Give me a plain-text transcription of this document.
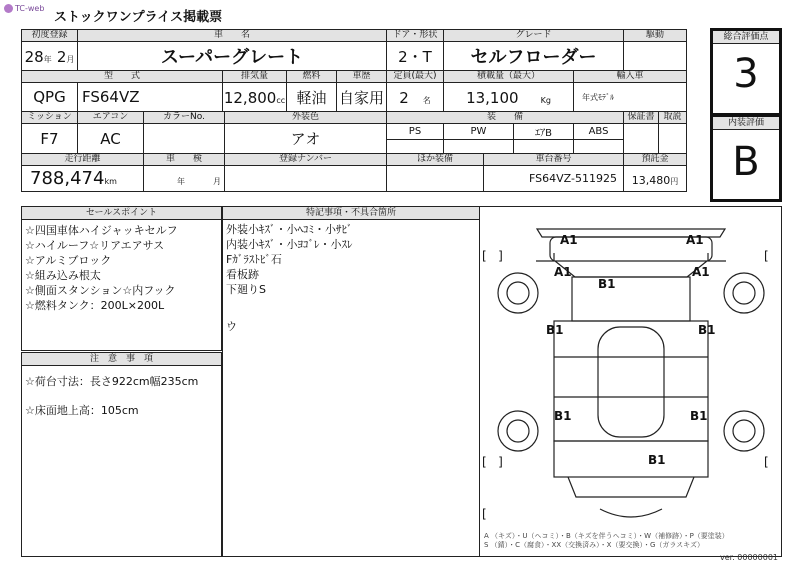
TC-web
ストックワンプライス掲載票
初度登録	車　　名						ドア・形状	グレード				駆動	
28年 2月	スーパーグレート						2・T	セルフローダー					
型　　式			排気量		燃料	車歴	定員(最大)	積載量（最大）			輸入車		
QPG	FS64VZ		12,800cc		軽油	自家用	2 名	13,100 Kg			年式ﾓﾃﾞﾙ		
ミッション	エアコン	カラーNo.		外装色			装　　備					保証書	取説
F7	AC			アオ			PS	PW		ｴｱB	ABS		

走行距離		車　　検		登録ナンバー			ほか装備		車台番号			預託金	
788,474km		年 月							FS64VZ-511925			13,480円	
総合評価点
3
内装評価
B
セールスポイント
☆四国車体ハイジャッキセルフ
☆ハイルーフ☆リアエアサス
☆アルミブロック
☆組み込み根太
☆側面スタンション☆内フック
☆燃料タンク：200L×200L
注　意　事　項
☆荷台寸法：長さ922cm幅235cm
☆床面地上高：105cm
特記事項・不具合箇所
外装小ｷｽﾞ・小ﾍｺﾐ・小ｻﾋﾞ
内装小ｷｽﾞ・小ﾖｺﾞﾚ・小ｽﾚ
Fｶﾞﾗｽﾄﾋﾞ石
看板跡
下廻りS
ウ
[   ]	[
[   ]	[
[
A1	A1
A1
B1
A1
B1	B1
B1	B1
B1
A （キズ）・U（ヘコミ）・B（キズを伴うヘコミ）・W（補修跡）・P（要塗装）
S （錆）・C（腐食）・XX（交換済み）・X（要交換）・G（ガラスキズ）
ver. 00000001
